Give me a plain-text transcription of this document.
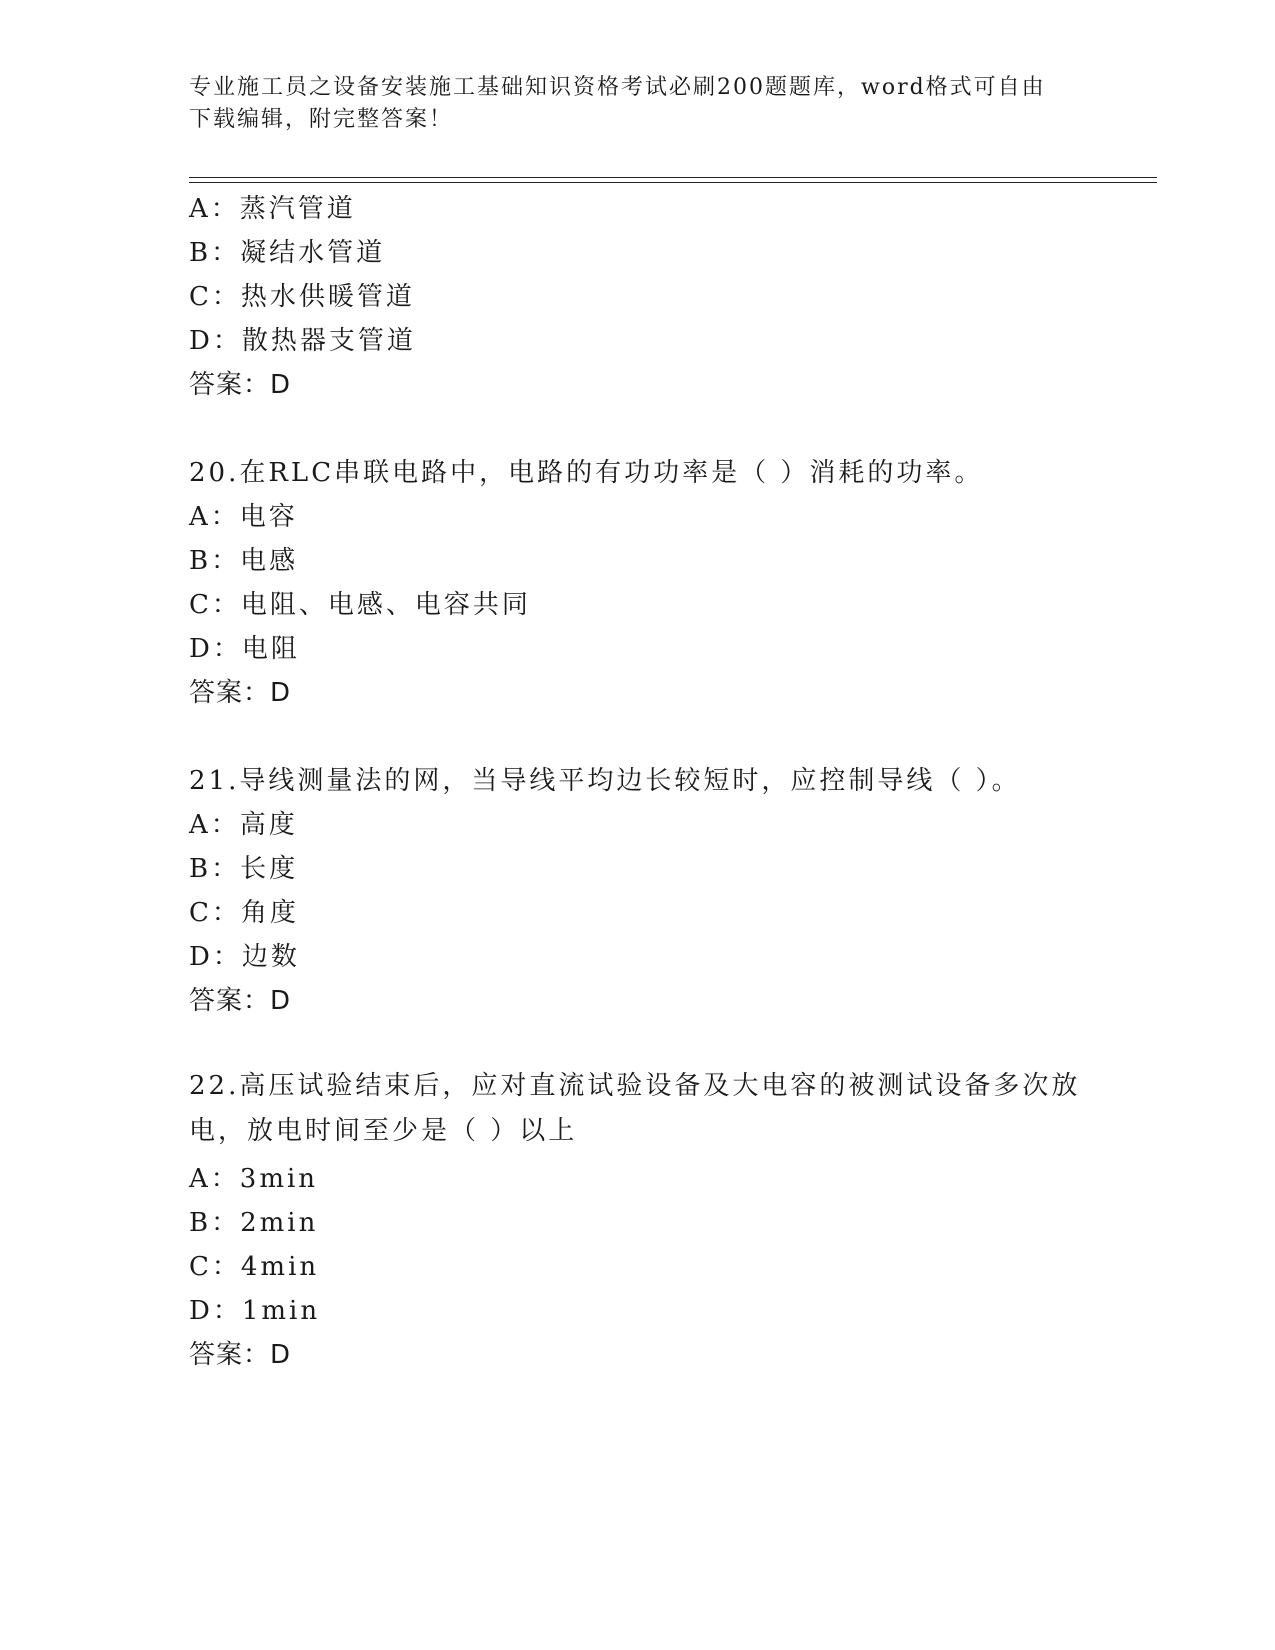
专业施工员之设备安装施工基础知识资格考试必刷200题题库，word格式可自由下载编辑，附完整答案！
A：蒸汽管道
B：凝结水管道
C：热水供暖管道
D：散热器支管道
答案：D
20.在RLC串联电路中，电路的有功功率是（ ）消耗的功率。
A：电容
B：电感
C：电阻、电感、电容共同
D：电阻
答案：D
21.导线测量法的网，当导线平均边长较短时，应控制导线（ ）。
A：高度
B：长度
C：角度
D：边数
答案：D
22.高压试验结束后，应对直流试验设备及大电容的被测试设备多次放电，放电时间至少是（ ）以上
A：3min
B：2min
C：4min
D：1min
答案：D
